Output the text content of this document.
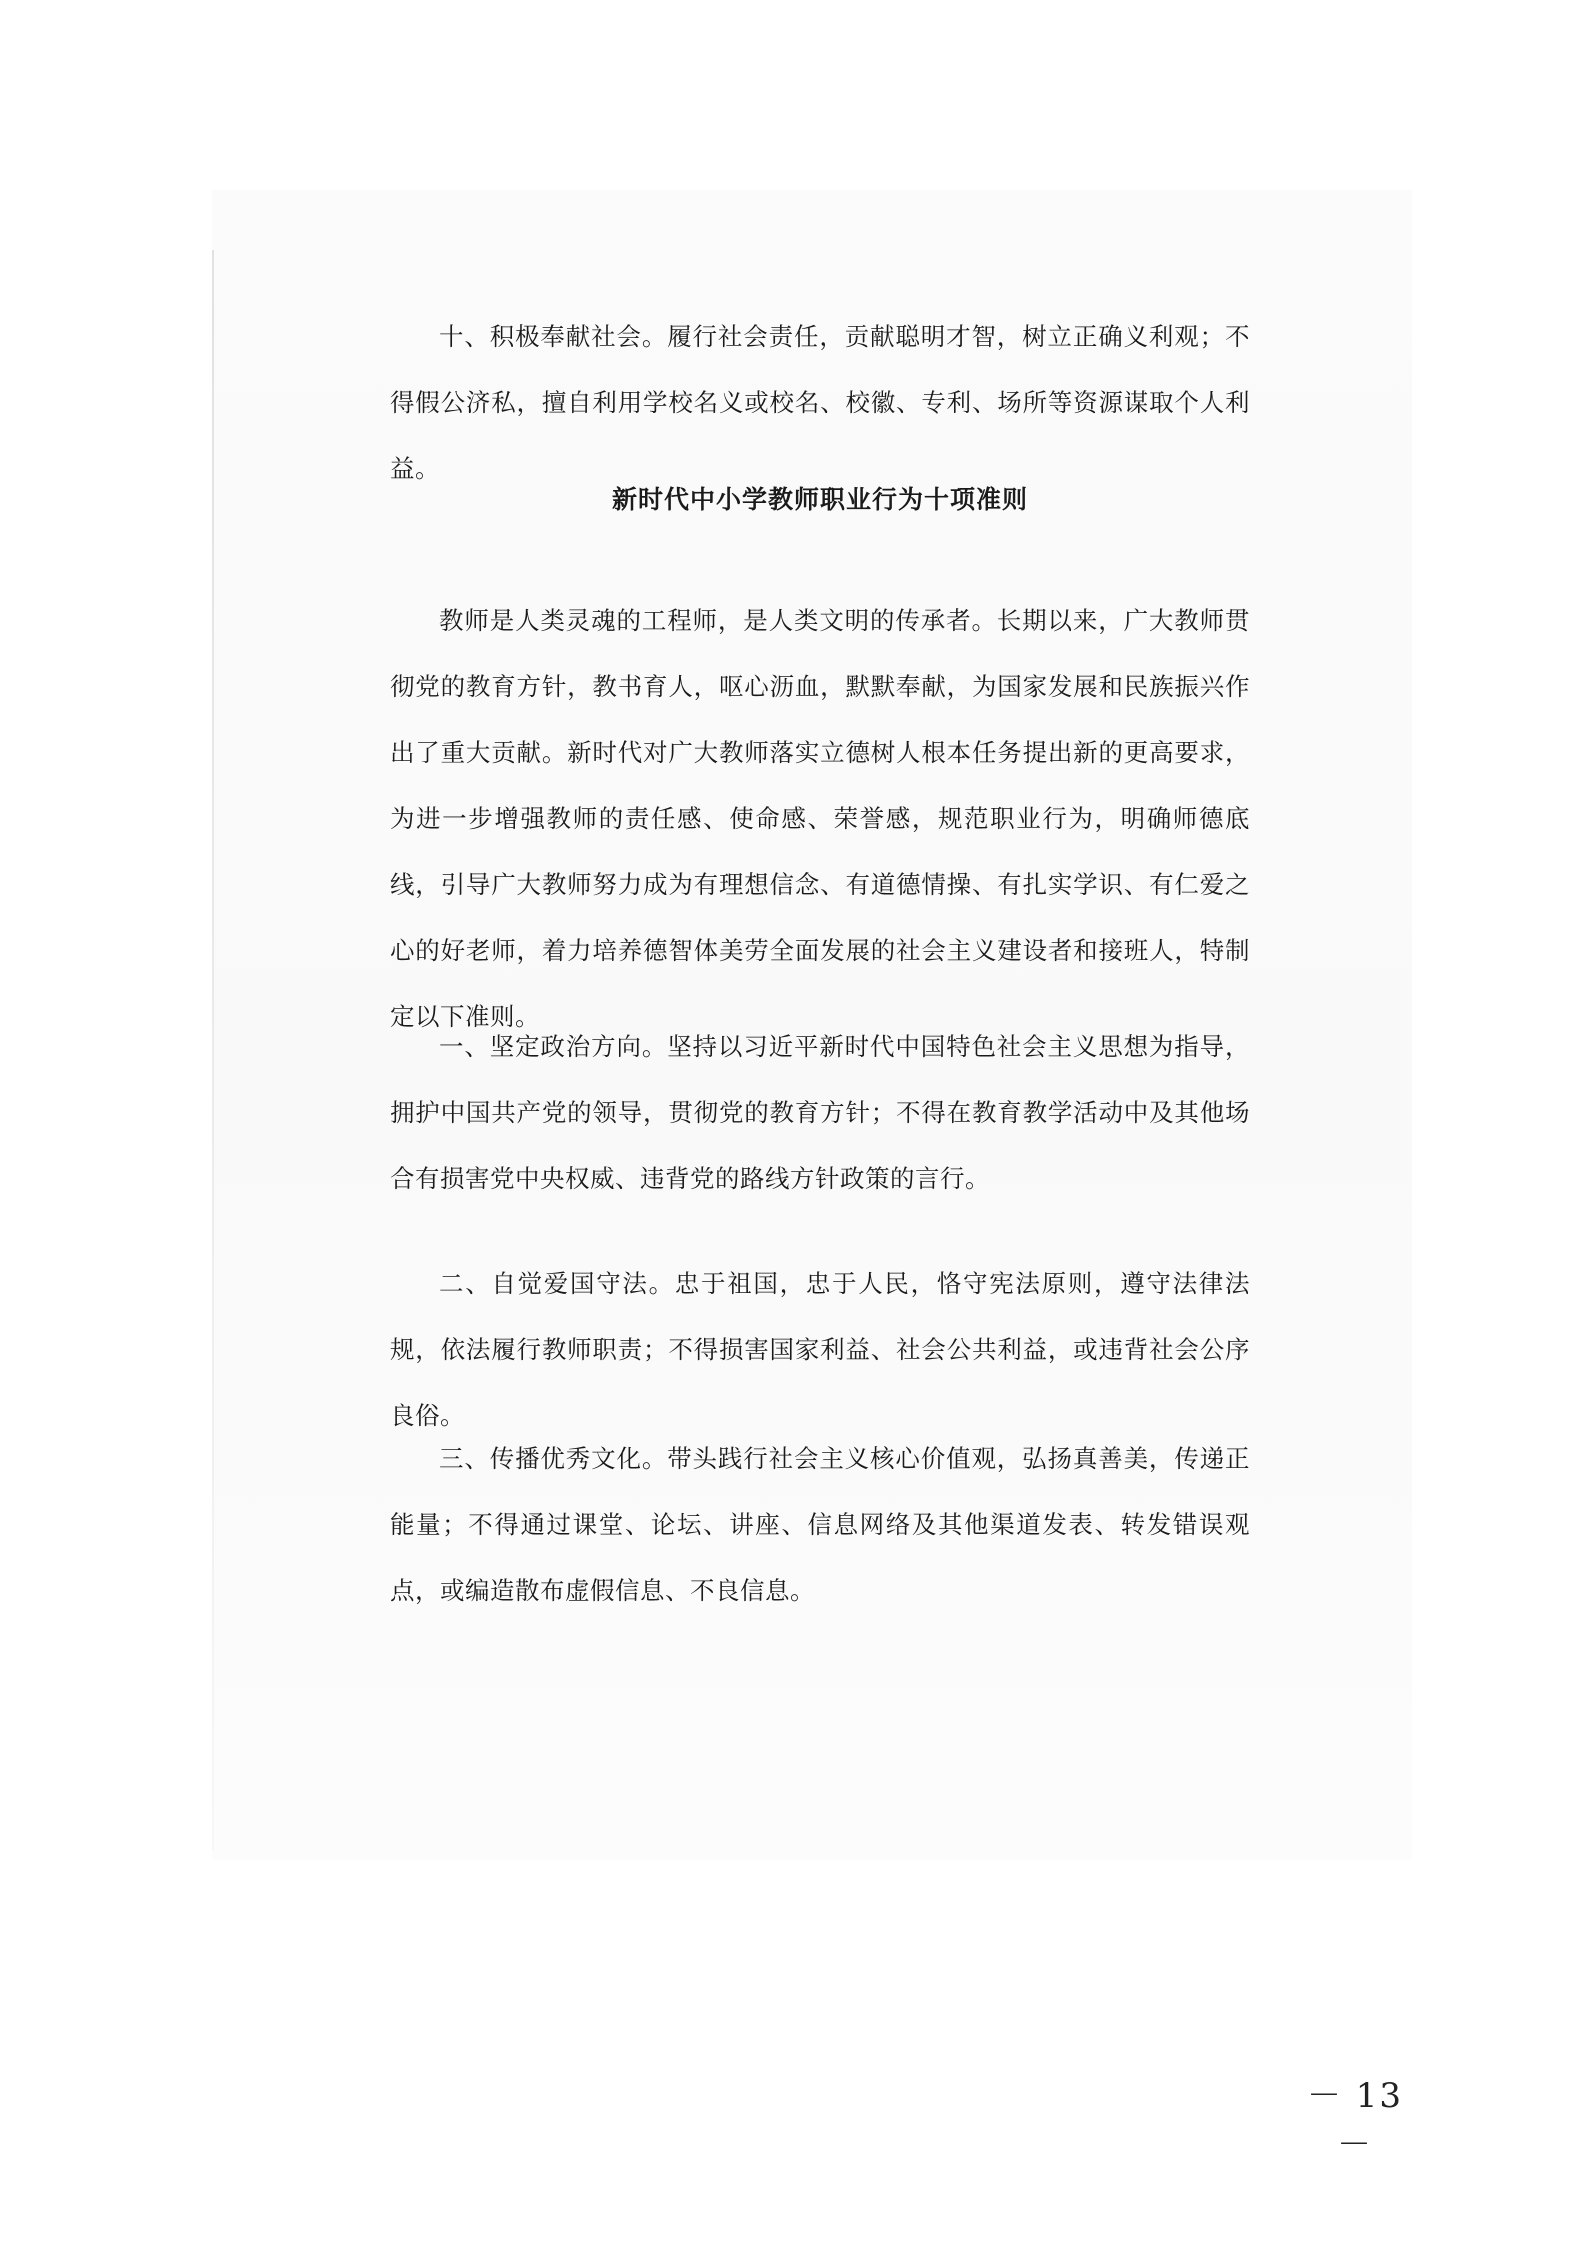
十、积极奉献社会。履行社会责任，贡献聪明才智，树立正确义利观；不得假公济私，擅自利用学校名义或校名、校徽、专利、场所等资源谋取个人利益。

新时代中小学教师职业行为十项准则

教师是人类灵魂的工程师，是人类文明的传承者。长期以来，广大教师贯彻党的教育方针，教书育人，呕心沥血，默默奉献，为国家发展和民族振兴作出了重大贡献。新时代对广大教师落实立德树人根本任务提出新的更高要求，为进一步增强教师的责任感、使命感、荣誉感，规范职业行为，明确师德底线，引导广大教师努力成为有理想信念、有道德情操、有扎实学识、有仁爱之心的好老师，着力培养德智体美劳全面发展的社会主义建设者和接班人，特制定以下准则。

一、坚定政治方向。坚持以习近平新时代中国特色社会主义思想为指导，拥护中国共产党的领导，贯彻党的教育方针；不得在教育教学活动中及其他场合有损害党中央权威、违背党的路线方针政策的言行。

二、自觉爱国守法。忠于祖国，忠于人民，恪守宪法原则，遵守法律法规，依法履行教师职责；不得损害国家利益、社会公共利益，或违背社会公序良俗。

三、传播优秀文化。带头践行社会主义核心价值观，弘扬真善美，传递正能量；不得通过课堂、论坛、讲座、信息网络及其他渠道发表、转发错误观点，或编造散布虚假信息、不良信息。

－ 13 －
